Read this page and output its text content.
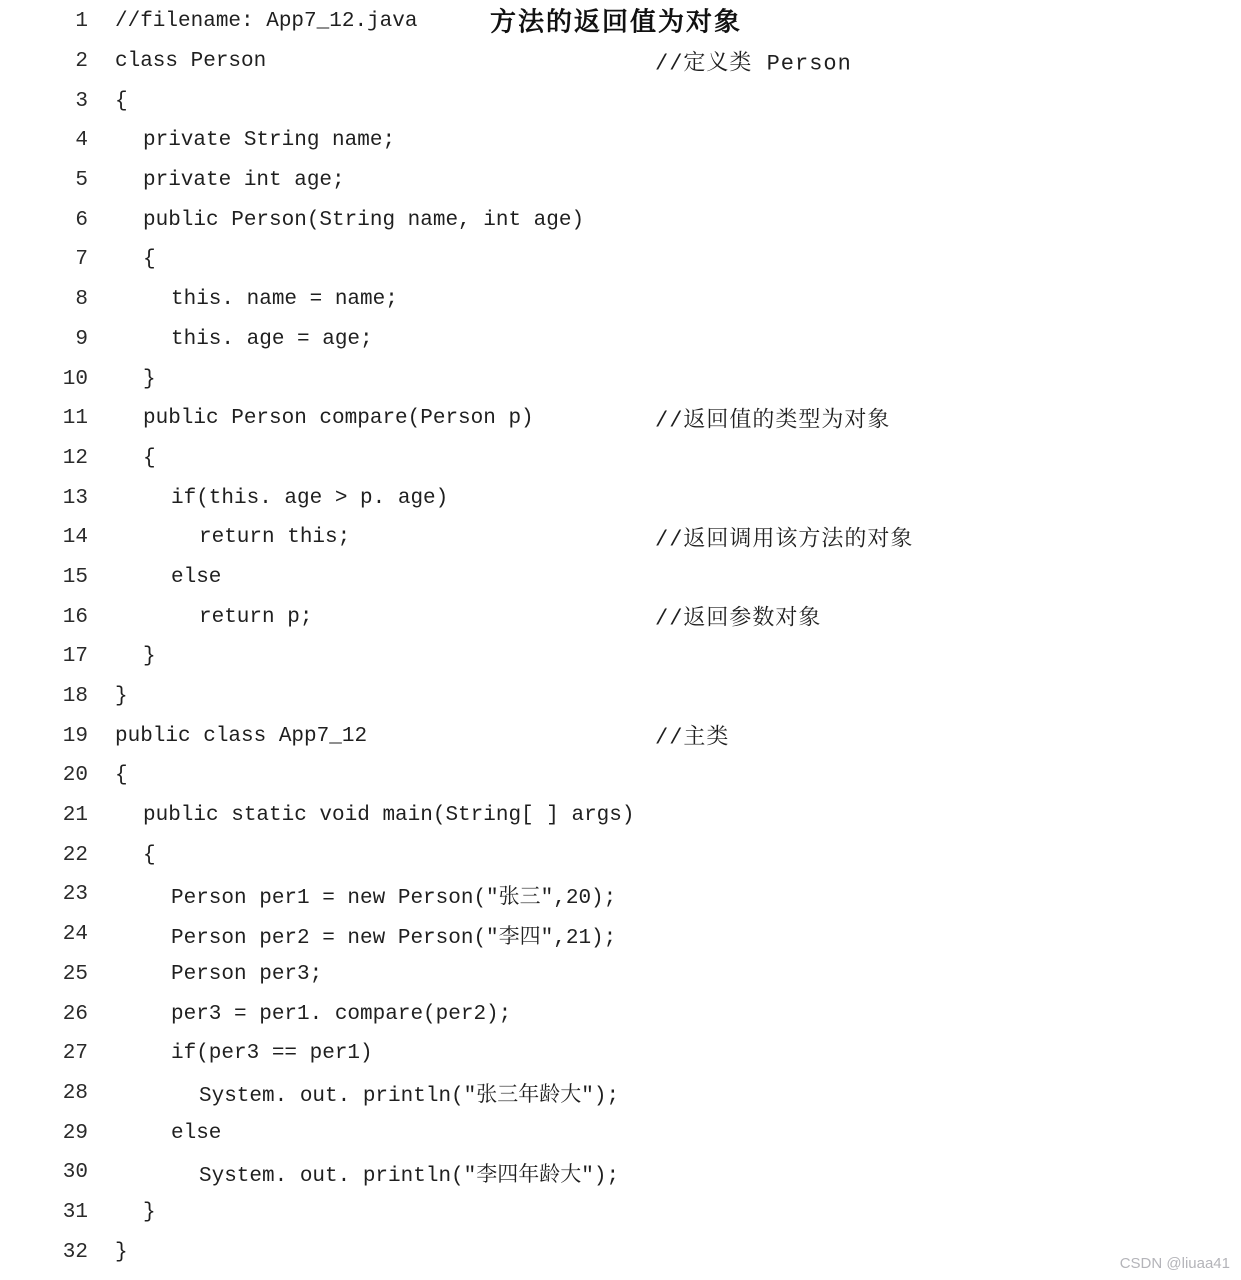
1 //filename: App7_12.java	方法的返回值为对象
2 class Person	//定义类 Person
3 {
4	private String name;
5	private int age;
6	public Person(String name, int age)
7	{
8	this. name = name;
9	this. age = age;
10	}
11	public Person compare(Person p)	//返回值的类型为对象
12	{
13	if(this. age > p. age)
14	return this;	//返回调用该方法的对象
15	else
16	return p;	//返回参数对象
17	}
18 }
19 public class App7_12	//主类
20 {
21	public static void main(String[ ] args)
22	{
23	Person per1 = new Person("张三",20);
24	Person per2 = new Person("李四",21);
25	Person per3;
26	per3 = per1. compare(per2);
27	if(per3 == per1)
28	System. out. println("张三年龄大");
29	else
30	System. out. println("李四年龄大");
31	}
32 }	CSDN @liuaa41
